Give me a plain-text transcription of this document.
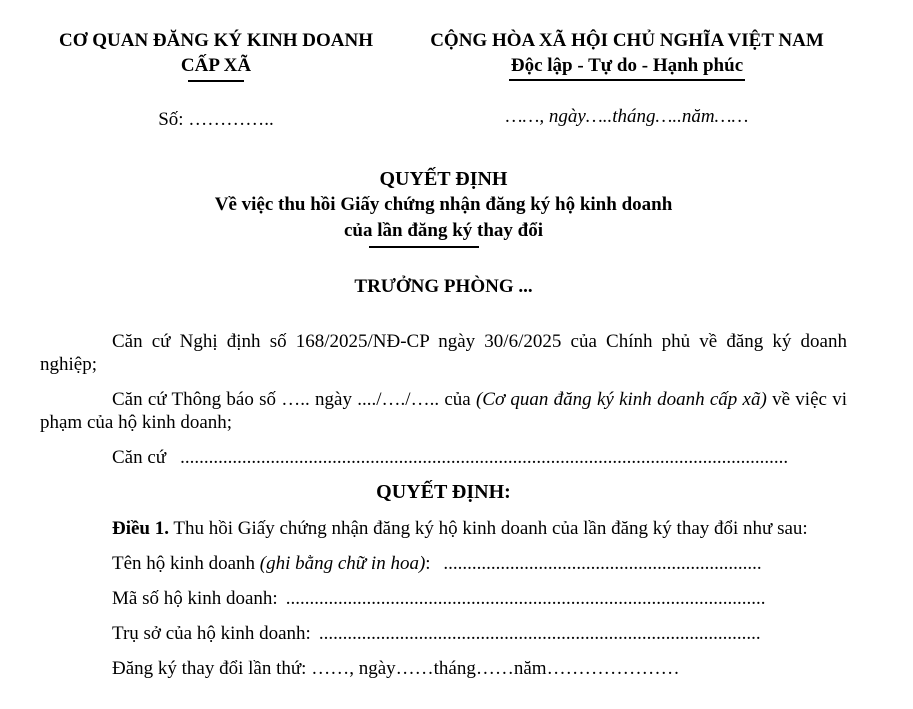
CƠ QUAN ĐĂNG KÝ KINH DOANH
CẤP XÃ
Số: …………..
CỘNG HÒA XÃ HỘI CHỦ NGHĨA VIỆT NAM
Độc lập - Tự do - Hạnh phúc
……, ngày…..tháng…..năm……
QUYẾT ĐỊNH
Về việc thu hồi Giấy chứng nhận đăng ký hộ kinh doanh
của lần đăng ký thay đổi
TRƯỞNG PHÒNG ...

Căn cứ Nghị định số 168/2025/NĐ-CP ngày 30/6/2025 của Chính phủ về đăng ký doanh nghiệp;

Căn cứ Thông báo số ….. ngày ..../…./….. của (Cơ quan đăng ký kinh doanh cấp xã) về việc vi phạm của hộ kinh doanh;

Căn cứ ................................................................................................................................

QUYẾT ĐỊNH:

Điều 1. Thu hồi Giấy chứng nhận đăng ký hộ kinh doanh của lần đăng ký thay đổi như sau:

Tên hộ kinh doanh (ghi bằng chữ in hoa): ...................................................................

Mã số hộ kinh doanh: .....................................................................................................

Trụ sở của hộ kinh doanh: .............................................................................................

Đăng ký thay đổi lần thứ: ……, ngày……tháng……năm…………………
